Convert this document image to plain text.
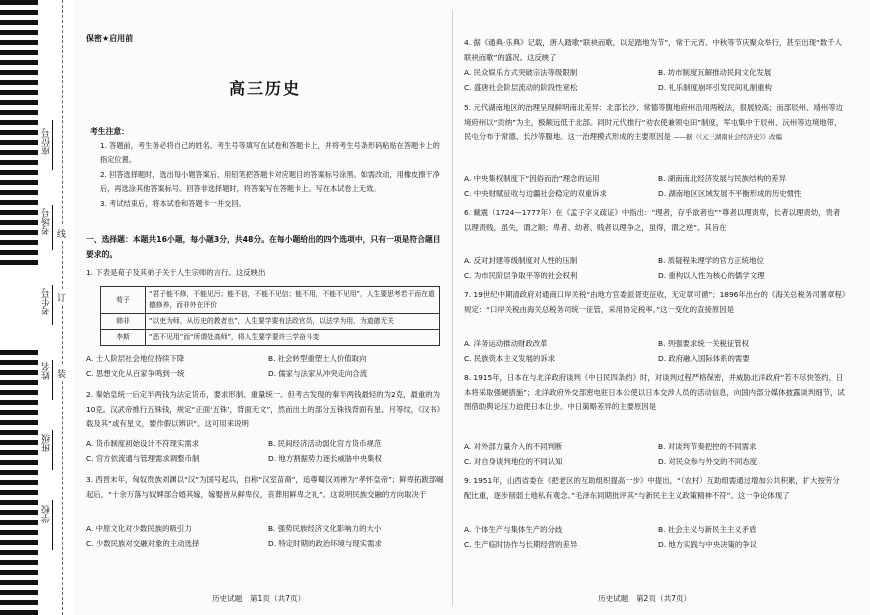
座位号
考场号
考生号
姓名
班级
学校
线
订
装
保密★启用前
高三历史
考生注意：

1. 答题前，考生务必将自己的姓名、考生号等填写在试卷和答题卡上，并将考生号条形码粘贴在答题卡上的指定位置。

2. 回答选择题时，选出每小题答案后，用铅笔把答题卡对应题目的答案标号涂黑。如需改动，用橡皮擦干净后，再选涂其他答案标号。回答非选择题时，将答案写在答题卡上。写在本试卷上无效。

3. 考试结束后，将本试卷和答题卡一并交回。

一、选择题：本题共16小题，每小题3分，共48分。在每小题给出的四个选项中，只有一项是符合题目要求的。

1. 下表是荀子及其弟子关于人生宗师的言行。这反映出

荀子	“君子能不修，不能见污；能不信，不能不见信；能不用，不能不见用”，人生要思考若干而在道德修养，而非外在评价
韩非	“以吏为师，从历史的教者也”，人生要学要有法政官员，以法学为用，为道德无关
李斯	“恶不见用”而“所谓处高师”，将人生要学要许三学奋斗变
A. 士人阶层社会地位持续下降	B. 社会转型重塑士人价值取向
C. 思想文化从百家争鸣到一统	D. 儒家与法家从冲突走向合流

2. 秦始皇统一后定半两钱为法定货币，要求形制、重量统一。但考古发现的秦半两钱最轻的为2克，最重的为10克。汉武帝推行五铢钱，规定“正面‘五铢’，背面无文”，然而出土的部分五铢钱背面有星、月等纹，《汉书》载及其“或有星文，要作假以辨识”。这可用来说明

A. 货币制度初始设计不符现实需求	B. 民间经济活动弱化官方货币规范
C. 官方依流通与管理需求调整币制	D. 地方割据势力逐长威胁中央集权

3. 西晋末年，匈奴贵族刘渊以“汉”为国号起兵，自称“汉室苗裔”，追尊蜀汉刘禅为“孝怀皇帝”；鲜卑拓跋部崛起后，“十余万落与奴婢部合婚其嫁，嫁娶皆从鲜卑仪，丧葬用鲜卑之礼”。这说明民族交融的方向取决于

A. 中原文化对少数民族的吸引力	B. 强势民族经济文化影响力的大小
C. 少数民族对交融对象的主动选择	D. 特定时期的政治环境与现实需求

4. 据《通典·乐典》记载，唐人踏歌“联袂而歌，以足踏地为节”，常于元宵、中秋等节庆聚众举行，甚至出现“数千人联袂而歌”的盛况。这反映了

A. 民众娱乐方式突破宗法等级限制	B. 坊市制度瓦解推动民间文化发展
C. 盛唐社会阶层流动的阶段性宽松	D. 礼乐制度崩坏引发民间礼制重构

5. 元代湖南地区的治理呈现鲜明南北差异：北部长沙、常德等腹地府州沿用两税法，很展较高；而部辰州、靖州等边境府州以“贡纳”为主，极额远低于北部。同时元代推行“劝农使兼领屯田”制度，军屯集中于辰州、沅州等边境地带，民屯分布于常德、长沙等腹地。这一治理模式形成的主要原因是 ——据（《元三湖南社会经济史》》改编

A. 中央集权制度下“因俗而治”理念的运用	B. 湖南南北经济发展与民族结构的差异
C. 中央财赋征收与边疆社会稳定的双重诉求	D. 湖南地区区域发展不平衡形成的历史惯性

6. 戴震（1724—1777年）在《孟子字义疏证》中指出：“理者，存乎欲者也”“尊者以理责卑，长者以理责幼，贵者以理责贱，虽失，谓之顺；卑者、幼者、贱者以理争之，虽得，谓之逆”。其旨在

A. 反对封建等级制度对人性的压制	B. 质疑程朱理学的官方正统地位
C. 为市民阶层争取平等的社会权利	D. 重构以人性为核心的儒学文理

7. 19世纪中期清政府对通商口岸关税“由地方官委派胥吏征收，无定章可循”；1896年出台的《海关总税务司署章程》规定：“口岸关税由海关总税务司统一征管，采用协定税率。”这一变化的直接原因是

A. 洋务运动推动财政改革	B. 列强要求统一关税征管权
C. 民族资本主义发展的诉求	D. 政府融入国际体系的需要

8. 1915年，日本在与北洋政府谈判《中日民四条约》时，对谈判过程严格保密，并威胁北洋政府“若不尽快签约，日本将采取强硬措施”；北洋政府外交部密电驻日本公使以日本交涉人员的活动信息，向国内部分媒体披露谈判细节，试图借助舆论压力迫使日本让步。中日策略差异的主要原因是

A. 对外部力量介入的不同判断	B. 对谈判节奏把控的不同需求
C. 对自身谈判地位的不同认知	D. 对民众参与外交的不同态度

9. 1951年，山西省委在《把老区的互助组织提高一步》中提出，“（农村）互助组需通过增加公共积累，扩大按劳分配比重，逐步削弱土地私有观念。”毛泽东同期批评其“与新民主主义政策精神不符”。这一争论体现了

A. 个体生产与集体生产的分歧	B. 社会主义与新民主主义矛盾
C. 生产临时协作与长期经营的差异	D. 地方实践与中央决策的争议
历史试题　第1页（共7页）	历史试题　第2页（共7页）
